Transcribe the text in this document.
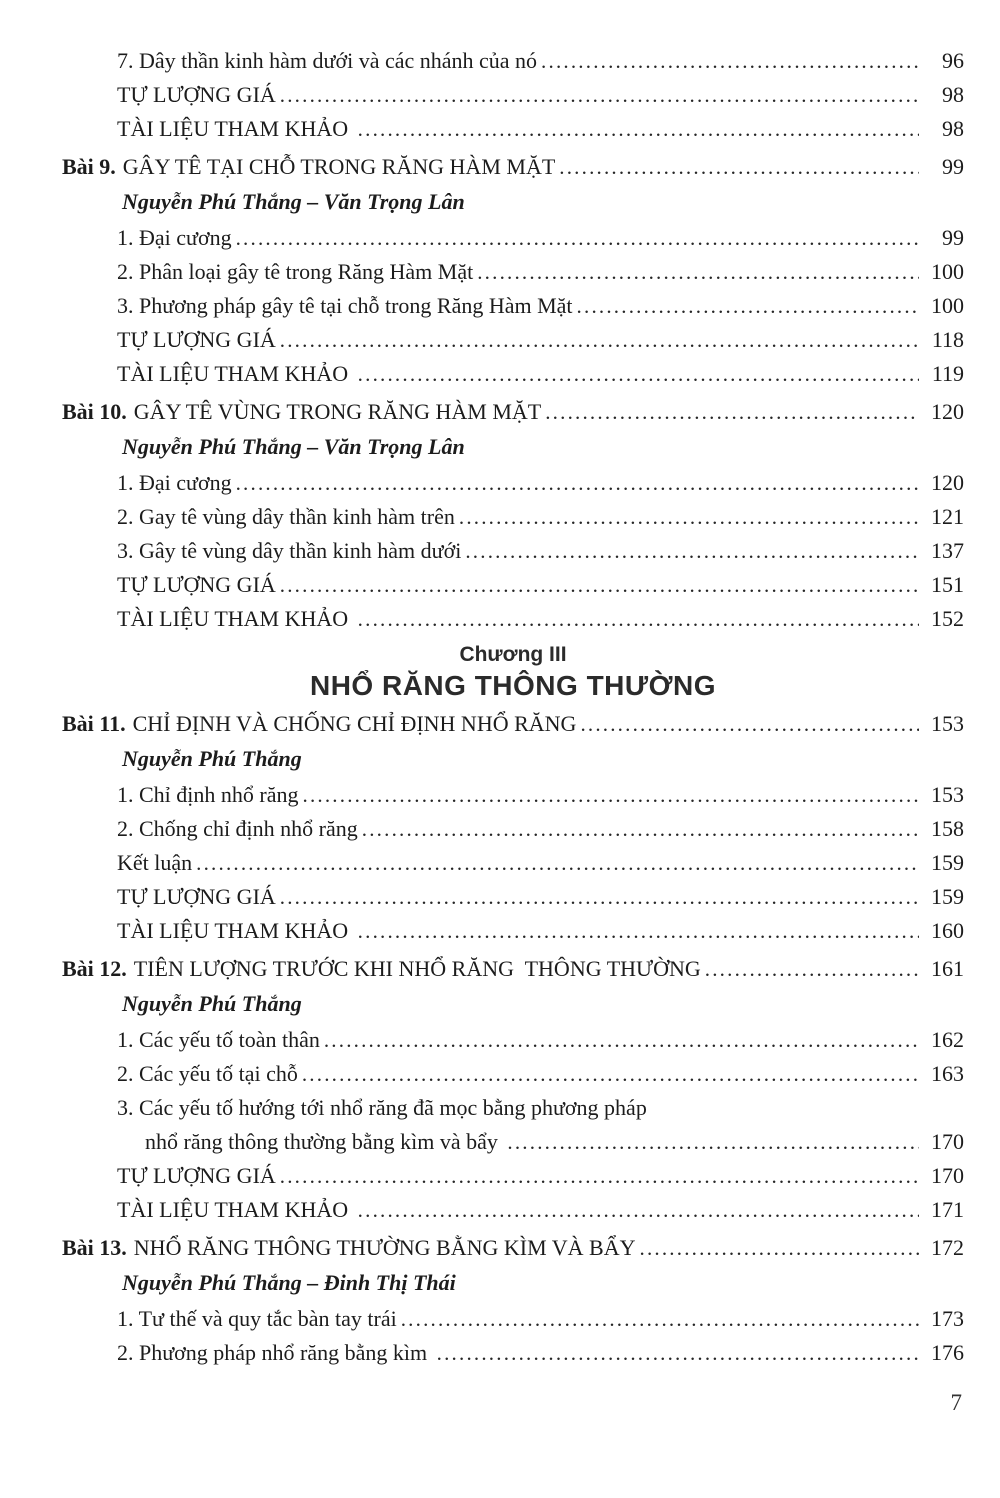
7. Dây thần kinh hàm dưới và các nhánh của nó .....	96
TỰ LƯỢNG GIÁ .....	98
TÀI LIỆU THAM KHẢO .....	98
Bài 9. GÂY TÊ TẠI CHỖ TRONG RĂNG HÀM MẶT .....	99
Nguyễn Phú Thắng – Văn Trọng Lân
1. Đại cương .....	99
2. Phân loại gây tê trong Răng Hàm Mặt .....	100
3. Phương pháp gây tê tại chỗ trong Răng Hàm Mặt .....	100
TỰ LƯỢNG GIÁ .....	118
TÀI LIỆU THAM KHẢO .....	119
Bài 10. GÂY TÊ VÙNG TRONG RĂNG HÀM MẶT .....	120
Nguyễn Phú Thắng – Văn Trọng Lân
1. Đại cương .....	120
2. Gay tê vùng dây thần kinh hàm trên .....	121
3. Gây tê vùng dây thần kinh hàm dưới .....	137
TỰ LƯỢNG GIÁ .....	151
TÀI LIỆU THAM KHẢO .....	152
Chương III
NHỔ RĂNG THÔNG THƯỜNG
Bài 11. CHỈ ĐỊNH VÀ CHỐNG CHỈ ĐỊNH NHỔ RĂNG .....	153
Nguyễn Phú Thắng
1. Chỉ định nhổ răng .....	153
2. Chống chỉ định nhổ răng .....	158
Kết luận .....	159
TỰ LƯỢNG GIÁ .....	159
TÀI LIỆU THAM KHẢO .....	160
Bài 12. TIÊN LƯỢNG TRƯỚC KHI NHỔ RĂNG  THÔNG THƯỜNG .....	161
Nguyễn Phú Thắng
1. Các yếu tố toàn thân .....	162
2. Các yếu tố tại chỗ .....	163
3. Các yếu tố hướng tới nhổ răng đã mọc bằng phương pháp
nhổ răng thông thường bằng kìm và bẩy .....	170
TỰ LƯỢNG GIÁ .....	170
TÀI LIỆU THAM KHẢO .....	171
Bài 13. NHỔ RĂNG THÔNG THƯỜNG BẰNG KÌM VÀ BẨY .....	172
Nguyễn Phú Thắng – Đinh Thị Thái
1. Tư thế và quy tắc bàn tay trái .....	173
2. Phương pháp nhổ răng bằng kìm .....	176
7
